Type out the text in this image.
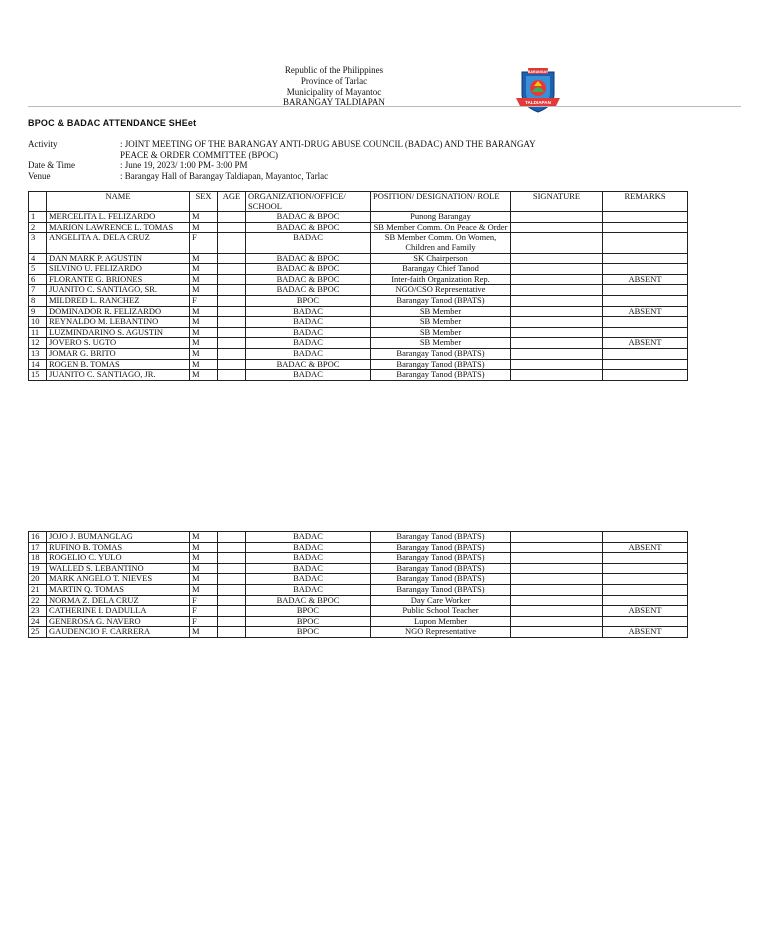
Republic of the Philippines
Province of Tarlac
Municipality of Mayantoc
BARANGAY TALDIAPAN
BARANGAY
TALDIAPAN
BPOC & BADAC ATTENDANCE SHEet
Activity	: JOINT MEETING OF THE BARANGAY ANTI-DRUG ABUSE COUNCIL (BADAC) AND THE BARANGAY PEACE & ORDER COMMITTEE (BPOC)
Date & Time	: June 19, 2023/ 1:00 PM- 3:00 PM
Venue	: Barangay Hall of Barangay Taldiapan, Mayantoc, Tarlac
	NAME	SEX	AGE	ORGANIZATION/OFFICE/ SCHOOL	POSITION/ DESIGNATION/ ROLE	SIGNATURE	REMARKS
1	MERCELITA L. FELIZARDO	M		BADAC & BPOC	Punong Barangay		
2	MARION LAWRENCE L. TOMAS	M		BADAC & BPOC	SB Member Comm. On Peace & Order		
3	ANGELITA A. DELA CRUZ	F		BADAC	SB Member Comm. On Women, Children and Family		
4	DAN MARK P. AGUSTIN	M		BADAC & BPOC	SK Chairperson		
5	SILVINO U. FELIZARDO	M		BADAC & BPOC	Barangay Chief Tanod		
6	FLORANTE G. BRIONES	M		BADAC & BPOC	Inter-faith Organization Rep.		ABSENT
7	JUANITO C. SANTIAGO, SR.	M		BADAC & BPOC	NGO/CSO Representative		
8	MILDRED L. RANCHEZ	F		BPOC	Barangay Tanod (BPATS)		
9	DOMINADOR R. FELIZARDO	M		BADAC	SB Member		ABSENT
10	REYNALDO M. LEBANTINO	M		BADAC	SB Member		
11	LUZMINDARINO S. AGUSTIN	M		BADAC	SB Member		
12	JOVERO S. UGTO	M		BADAC	SB Member		ABSENT
13	JOMAR G. BRITO	M		BADAC	Barangay Tanod (BPATS)		
14	ROGEN B. TOMAS	M		BADAC & BPOC	Barangay Tanod (BPATS)		
15	JUANITO C. SANTIAGO, JR.	M		BADAC	Barangay Tanod (BPATS)		
16	JOJO J. BUMANGLAG	M		BADAC	Barangay Tanod (BPATS)		
17	RUFINO B. TOMAS	M		BADAC	Barangay Tanod (BPATS)		ABSENT
18	ROGELIO C. YULO	M		BADAC	Barangay Tanod (BPATS)		
19	WALLED S. LEBANTINO	M		BADAC	Barangay Tanod (BPATS)		
20	MARK ANGELO T. NIEVES	M		BADAC	Barangay Tanod (BPATS)		
21	MARTIN Q. TOMAS	M		BADAC	Barangay Tanod (BPATS)		
22	NORMA Z. DELA CRUZ	F		BADAC & BPOC	Day Care Worker		
23	CATHERINE I. DADULLA	F		BPOC	Public School Teacher		ABSENT
24	GENEROSA G. NAVERO	F		BPOC	Lupon Member		
25	GAUDENCIO F. CARRERA	M		BPOC	NGO Representative		ABSENT
